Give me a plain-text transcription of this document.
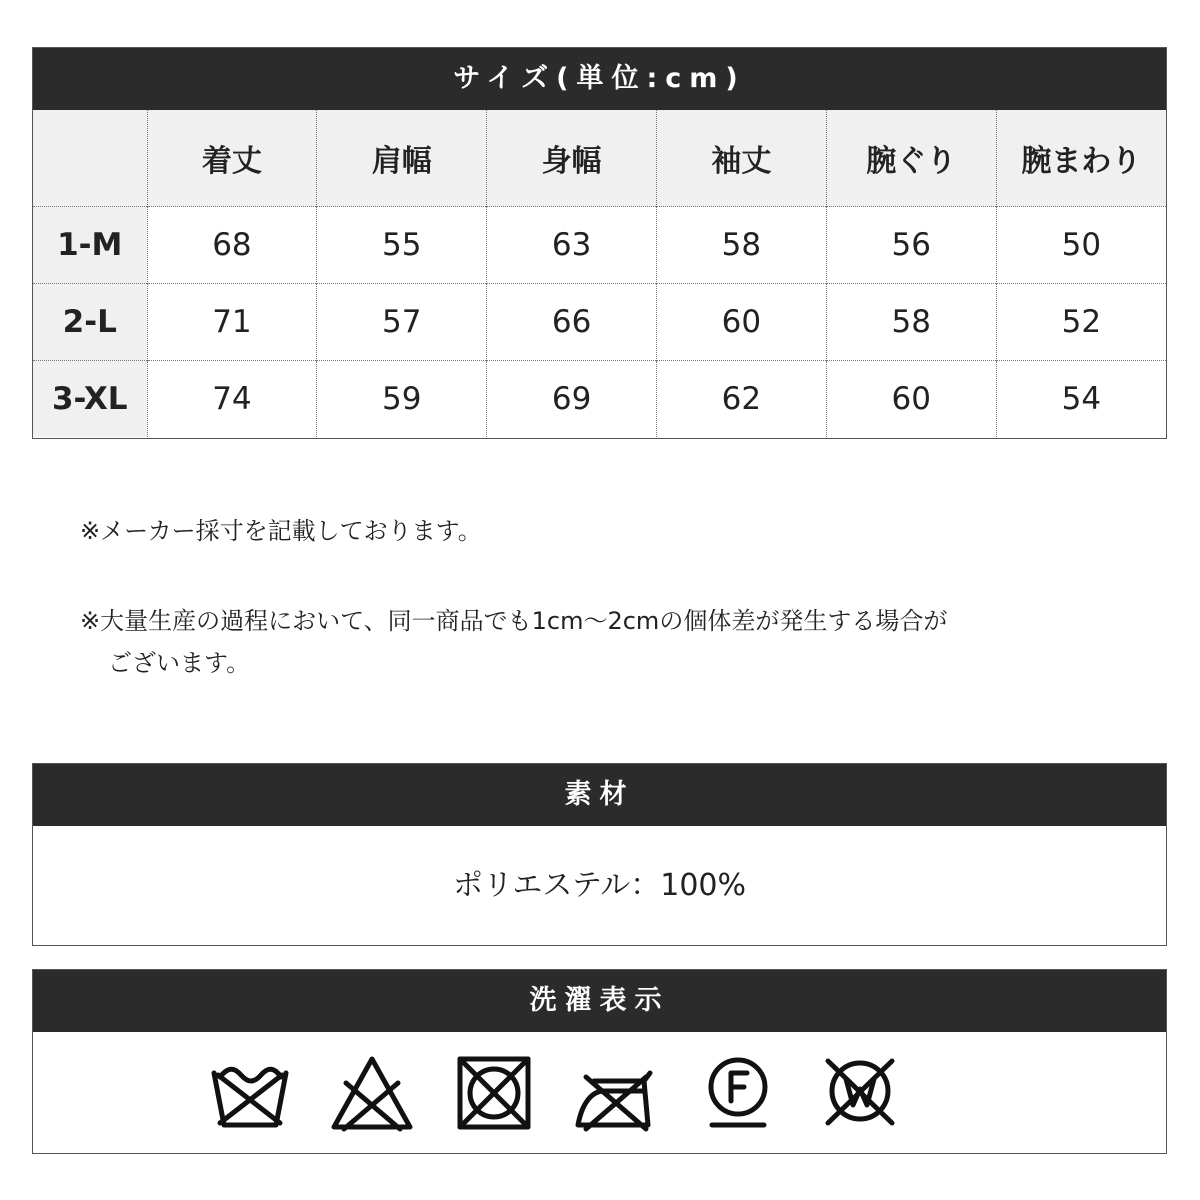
サイズ(単位:cm)
	着丈	肩幅	身幅	袖丈	腕ぐり	腕まわり
1-M	68	55	63	58	56	50
2-L	71	57	66	60	58	52
3-XL	74	59	69	62	60	54

※メーカー採寸を記載しております。

※大量生産の過程において、同一商品でも1cm〜2cmの個体差が発生する場合が
ございます。

素材
ポリエステル：100%
洗濯表示
